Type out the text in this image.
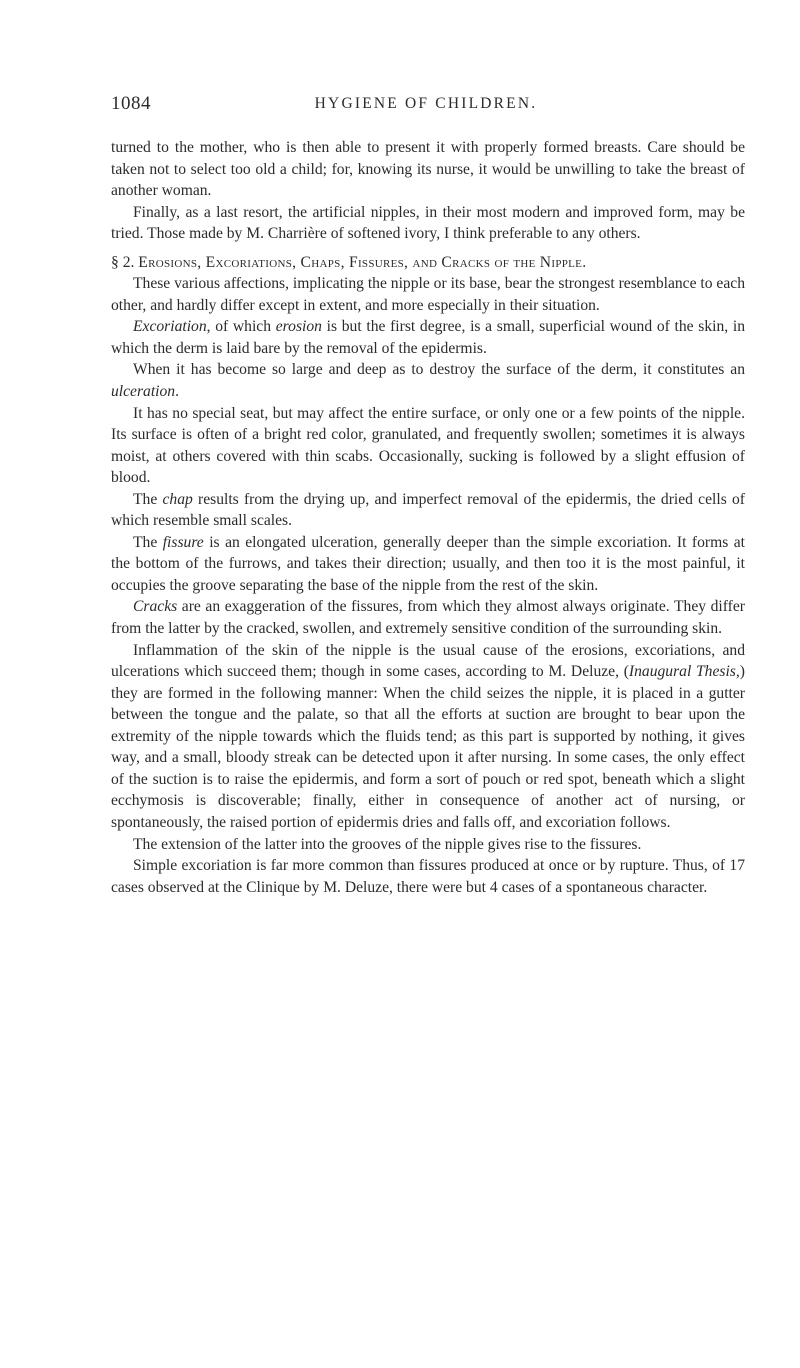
1084	HYGIENE OF CHILDREN.

turned to the mother, who is then able to present it with properly formed breasts. Care should be taken not to select too old a child; for, knowing its nurse, it would be unwilling to take the breast of another woman.

Finally, as a last resort, the artificial nipples, in their most modern and improved form, may be tried. Those made by M. Charrière of softened ivory, I think preferable to any others.

§ 2. Erosions, Excoriations, Chaps, Fissures, and Cracks of the Nipple.

These various affections, implicating the nipple or its base, bear the strongest resemblance to each other, and hardly differ except in extent, and more especially in their situation.

Excoriation, of which erosion is but the first degree, is a small, superficial wound of the skin, in which the derm is laid bare by the removal of the epidermis.

When it has become so large and deep as to destroy the surface of the derm, it constitutes an ulceration.

It has no special seat, but may affect the entire surface, or only one or a few points of the nipple. Its surface is often of a bright red color, granulated, and frequently swollen; sometimes it is always moist, at others covered with thin scabs. Occasionally, sucking is followed by a slight effusion of blood.

The chap results from the drying up, and imperfect removal of the epidermis, the dried cells of which resemble small scales.

The fissure is an elongated ulceration, generally deeper than the simple excoriation. It forms at the bottom of the furrows, and takes their direction; usually, and then too it is the most painful, it occupies the groove separating the base of the nipple from the rest of the skin.

Cracks are an exaggeration of the fissures, from which they almost always originate. They differ from the latter by the cracked, swollen, and extremely sensitive condition of the surrounding skin.

Inflammation of the skin of the nipple is the usual cause of the erosions, excoriations, and ulcerations which succeed them; though in some cases, according to M. Deluze, (Inaugural Thesis,) they are formed in the following manner: When the child seizes the nipple, it is placed in a gutter between the tongue and the palate, so that all the efforts at suction are brought to bear upon the extremity of the nipple towards which the fluids tend; as this part is supported by nothing, it gives way, and a small, bloody streak can be detected upon it after nursing. In some cases, the only effect of the suction is to raise the epidermis, and form a sort of pouch or red spot, beneath which a slight ecchymosis is discoverable; finally, either in consequence of another act of nursing, or spontaneously, the raised portion of epidermis dries and falls off, and excoriation follows.

The extension of the latter into the grooves of the nipple gives rise to the fissures.

Simple excoriation is far more common than fissures produced at once or by rupture. Thus, of 17 cases observed at the Clinique by M. Deluze, there were but 4 cases of a spontaneous character.
